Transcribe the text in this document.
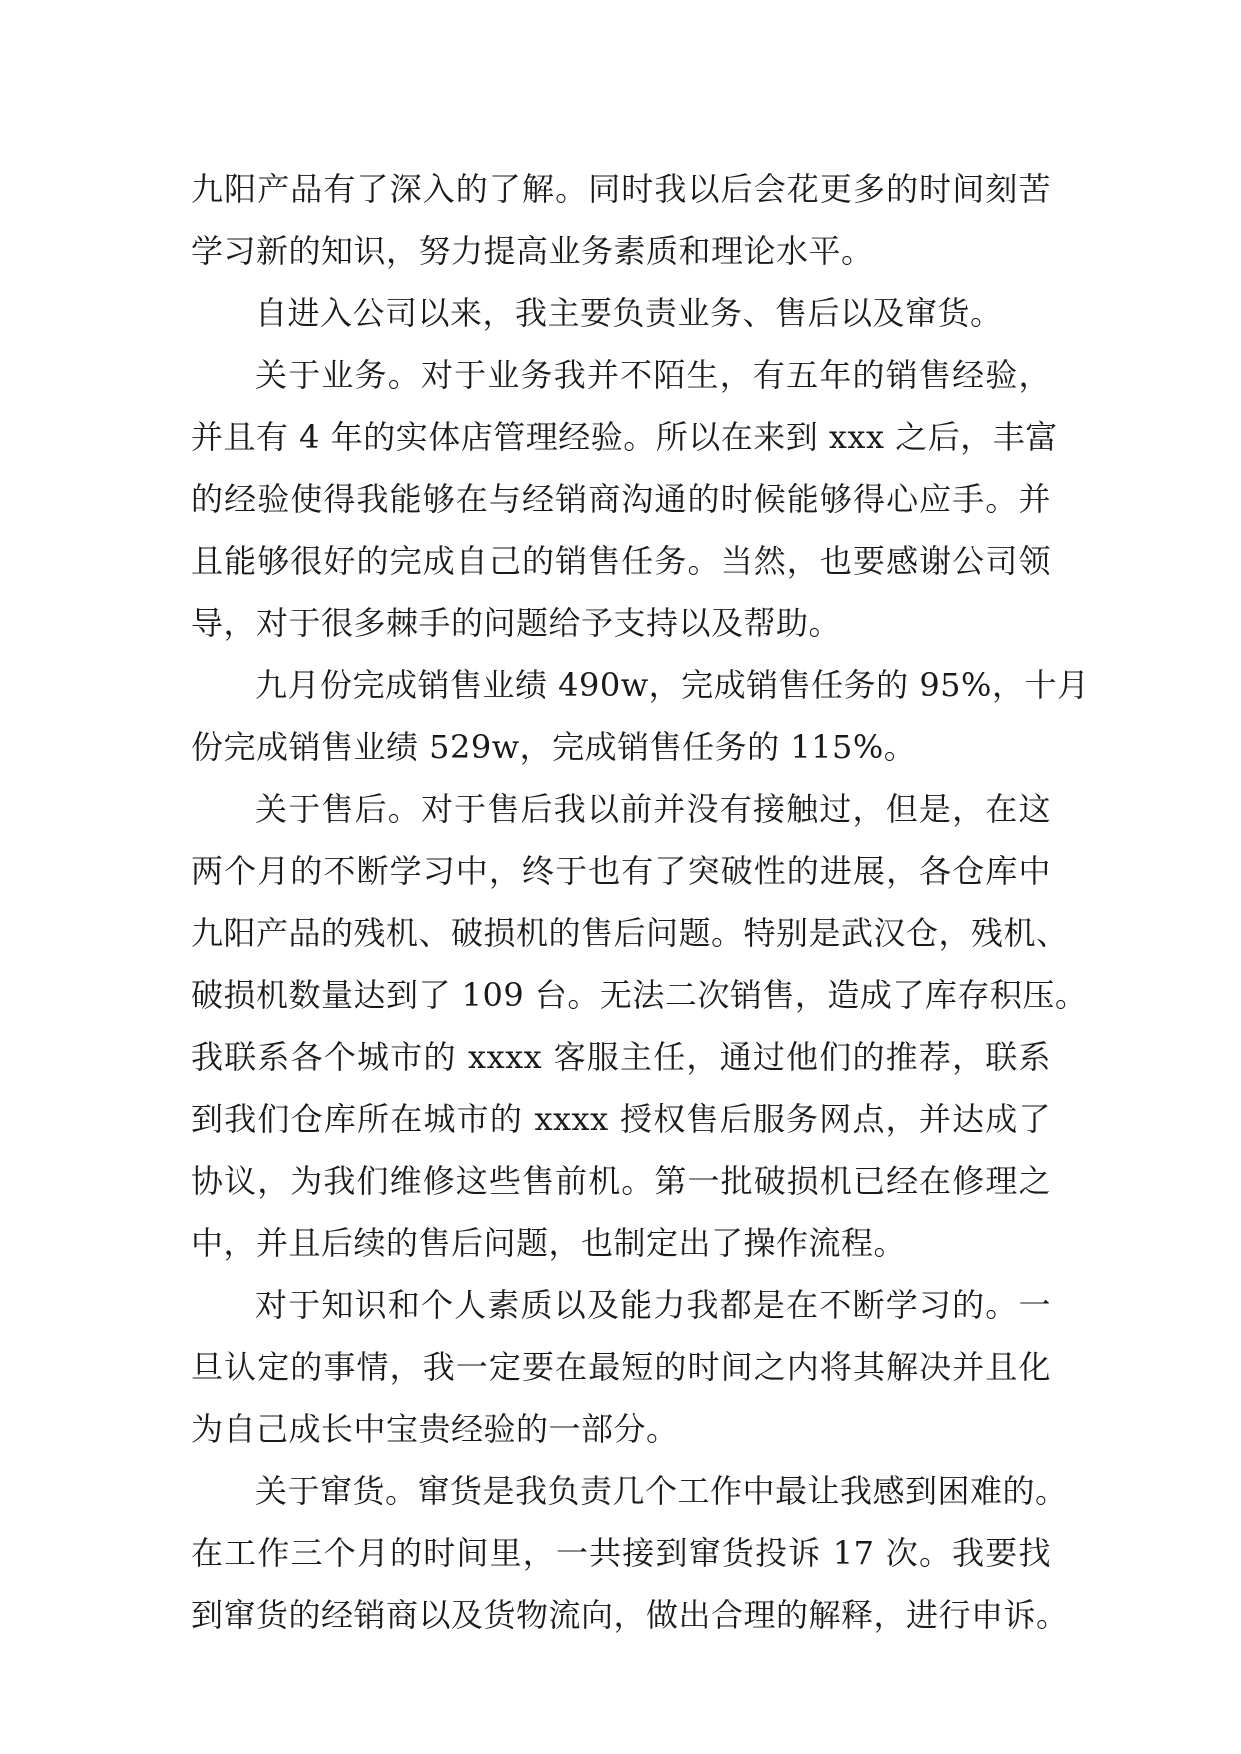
九阳产品有了深入的了解。同时我以后会花更多的时间刻苦
学习新的知识，努力提高业务素质和理论水平。
自进入公司以来，我主要负责业务、售后以及窜货。
关于业务。对于业务我并不陌生，有五年的销售经验，
并且有 4 年的实体店管理经验。所以在来到 xxx 之后，丰富
的经验使得我能够在与经销商沟通的时候能够得心应手。并
且能够很好的完成自己的销售任务。当然，也要感谢公司领
导，对于很多棘手的问题给予支持以及帮助。
九月份完成销售业绩 490w，完成销售任务的 95%，十月
份完成销售业绩 529w，完成销售任务的 115%。
关于售后。对于售后我以前并没有接触过，但是，在这
两个月的不断学习中，终于也有了突破性的进展，各仓库中
九阳产品的残机、破损机的售后问题。特别是武汉仓，残机、
破损机数量达到了 109 台。无法二次销售，造成了库存积压。
我联系各个城市的 xxxx 客服主任，通过他们的推荐，联系
到我们仓库所在城市的 xxxx 授权售后服务网点，并达成了
协议，为我们维修这些售前机。第一批破损机已经在修理之
中，并且后续的售后问题，也制定出了操作流程。
对于知识和个人素质以及能力我都是在不断学习的。一
旦认定的事情，我一定要在最短的时间之内将其解决并且化
为自己成长中宝贵经验的一部分。
关于窜货。窜货是我负责几个工作中最让我感到困难的。
在工作三个月的时间里，一共接到窜货投诉 17 次。我要找
到窜货的经销商以及货物流向，做出合理的解释，进行申诉。
